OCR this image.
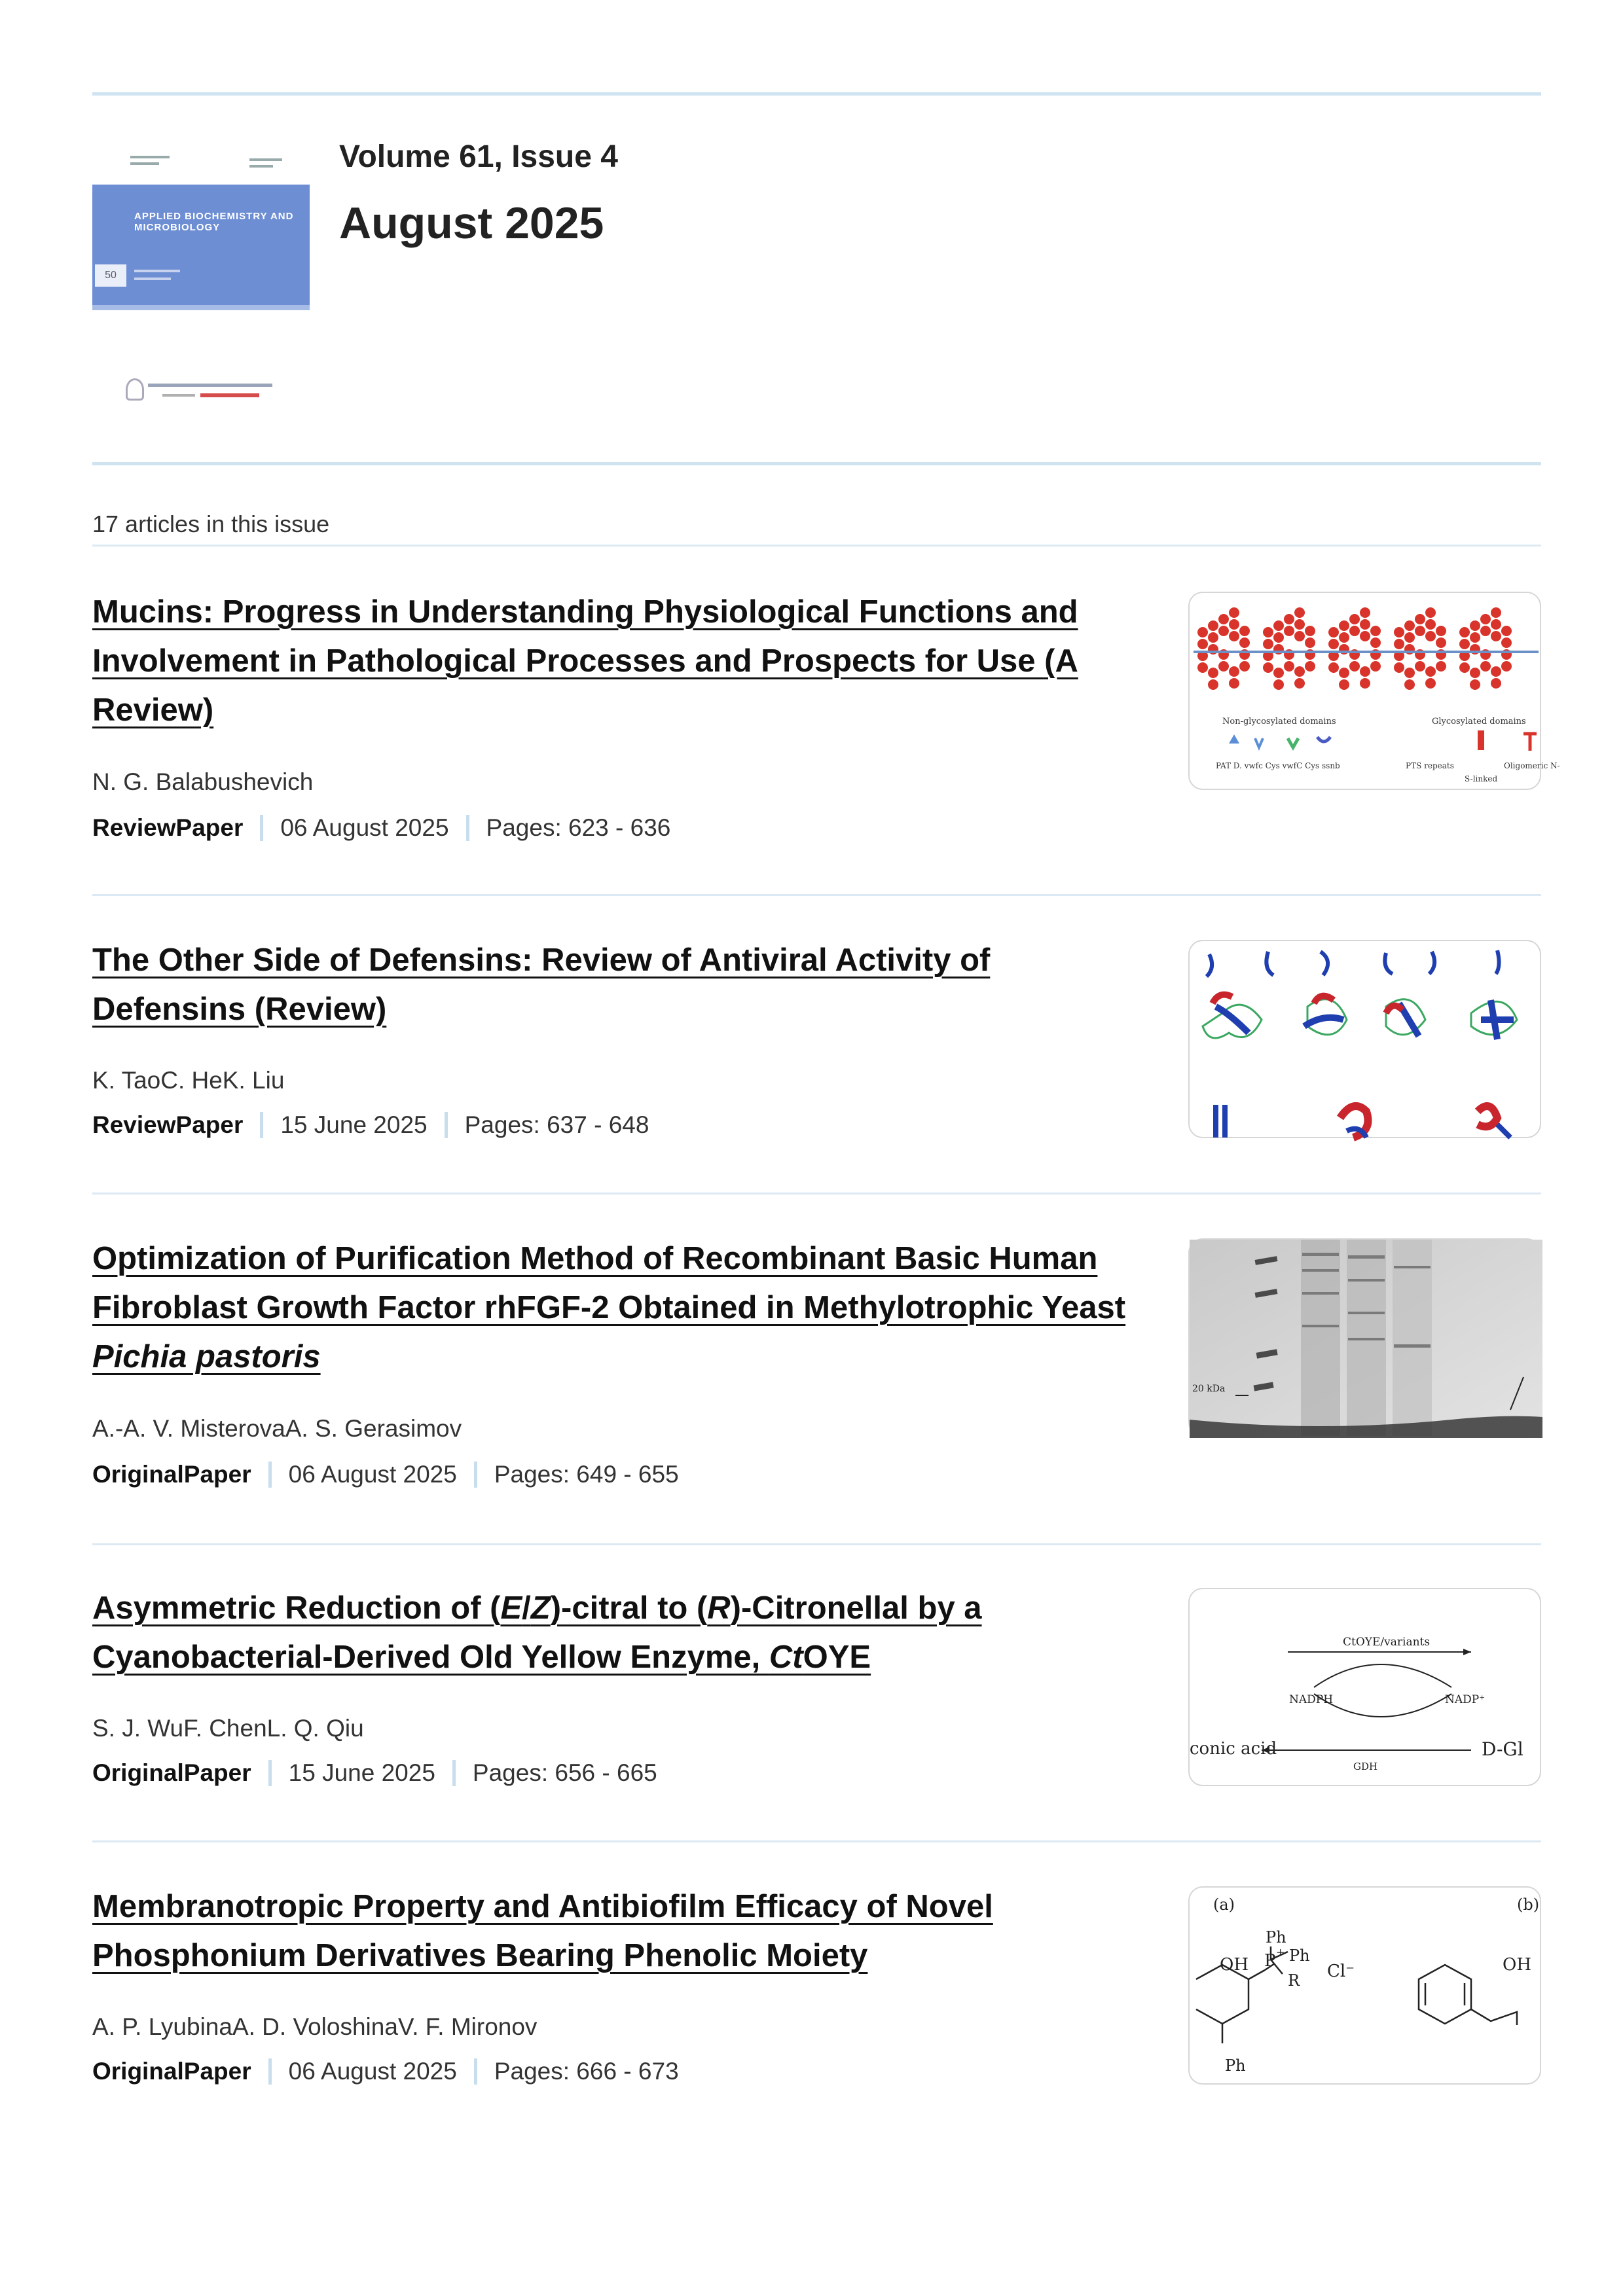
APPLIED BIOCHEMISTRY AND MICROBIOLOGY
50
Volume 61, Issue 4
August 2025
17 articles in this issue
Mucins: Progress in Understanding Physiological Functions and Involvement in Pathological Processes and Prospects for Use (A Review)
N. G. Balabushevich
ReviewPaper 06 August 2025 Pages: 623 - 636
Non-glycosylated domains	Glycosylated domains
PAT D. vwfc Cys vwfC Cys ssnb	PTS repeats
S-linked
Oligomeric N-
The Other Side of Defensins: Review of Antiviral Activity of Defensins (Review)
K. TaoC. HeK. Liu
ReviewPaper 15 June 2025 Pages: 637 - 648
Optimization of Purification Method of Recombinant Basic Human Fibroblast Growth Factor rhFGF-2 Obtained in Methylotrophic Yeast Pichia pastoris
A.-A. V. MisterovaA. S. Gerasimov
OriginalPaper 06 August 2025 Pages: 649 - 655
20 kDa
Asymmetric Reduction of (E/Z)-citral to (R)-Citronellal by a Cyanobacterial-Derived Old Yellow Enzyme, CtOYE
S. J. WuF. ChenL. Q. Qiu
OriginalPaper 15 June 2025 Pages: 656 - 665
CtOYE/variants
NADPH	NADP⁺
conic acid
GDH
D-Gl
Membranotropic Property and Antibiofilm Efficacy of Novel Phosphonium Derivatives Bearing Phenolic Moiety
A. P. LyubinaA. D. VoloshinaV. F. Mironov
OriginalPaper 06 August 2025 Pages: 666 - 673
(a)	(b)
OH P +
Ph
Ph
R Cl⁻
Ph
OH
